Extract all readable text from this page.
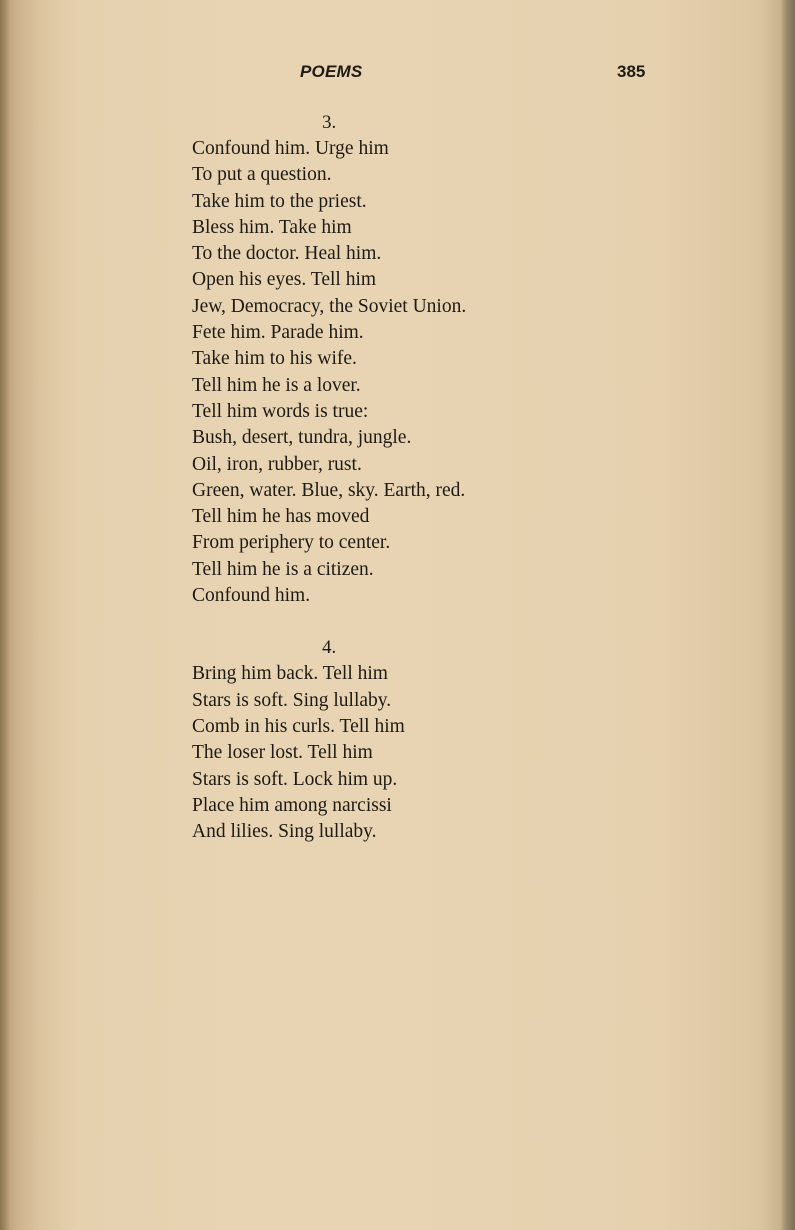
POEMS	385
3.
Confound him. Urge him
To put a question.
Take him to the priest.
Bless him. Take him
To the doctor. Heal him.
Open his eyes. Tell him
Jew, Democracy, the Soviet Union.
Fete him. Parade him.
Take him to his wife.
Tell him he is a lover.
Tell him words is true:
Bush, desert, tundra, jungle.
Oil, iron, rubber, rust.
Green, water. Blue, sky. Earth, red.
Tell him he has moved
From periphery to center.
Tell him he is a citizen.
Confound him.
4.
Bring him back. Tell him
Stars is soft. Sing lullaby.
Comb in his curls. Tell him
The loser lost. Tell him
Stars is soft. Lock him up.
Place him among narcissi
And lilies. Sing lullaby.
